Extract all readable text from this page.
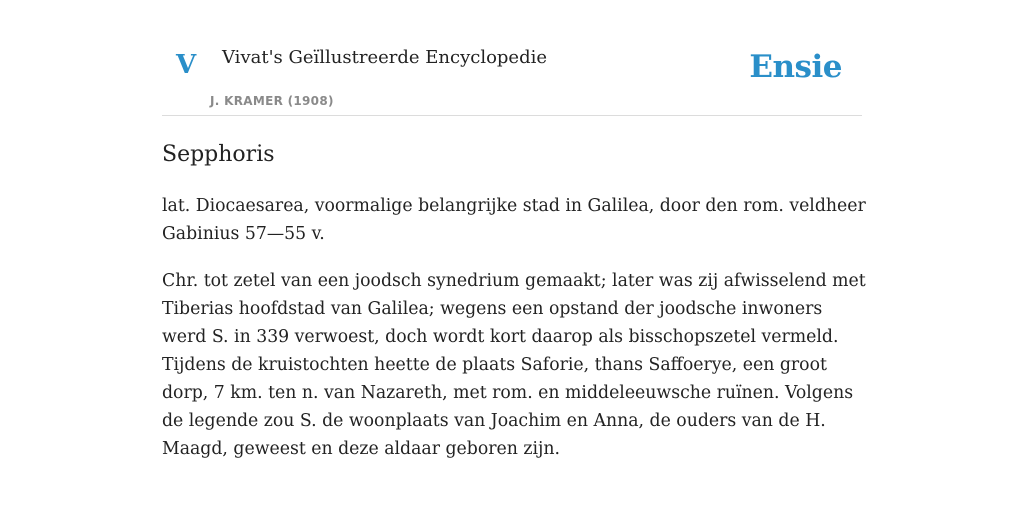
V Vivat's Geïllustreerde Encyclopedie
J. KRAMER (1908)
Ensie
Sepphoris

lat. Diocaesarea, voormalige belangrijke stad in Galilea, door den rom. veldheer Gabinius 57—55 v.

Chr. tot zetel van een joodsch synedrium gemaakt; later was zij afwisselend met Tiberias hoofdstad van Galilea; wegens een opstand der joodsche inwoners werd S. in 339 verwoest, doch wordt kort daarop als bisschopszetel vermeld. Tijdens de kruistochten heette de plaats Saforie, thans Saffoerye, een groot dorp, 7 km. ten n. van Nazareth, met rom. en middeleeuwsche ruïnen. Volgens de legende zou S. de woonplaats van Joachim en Anna, de ouders van de H. Maagd, geweest en deze aldaar geboren zijn.
